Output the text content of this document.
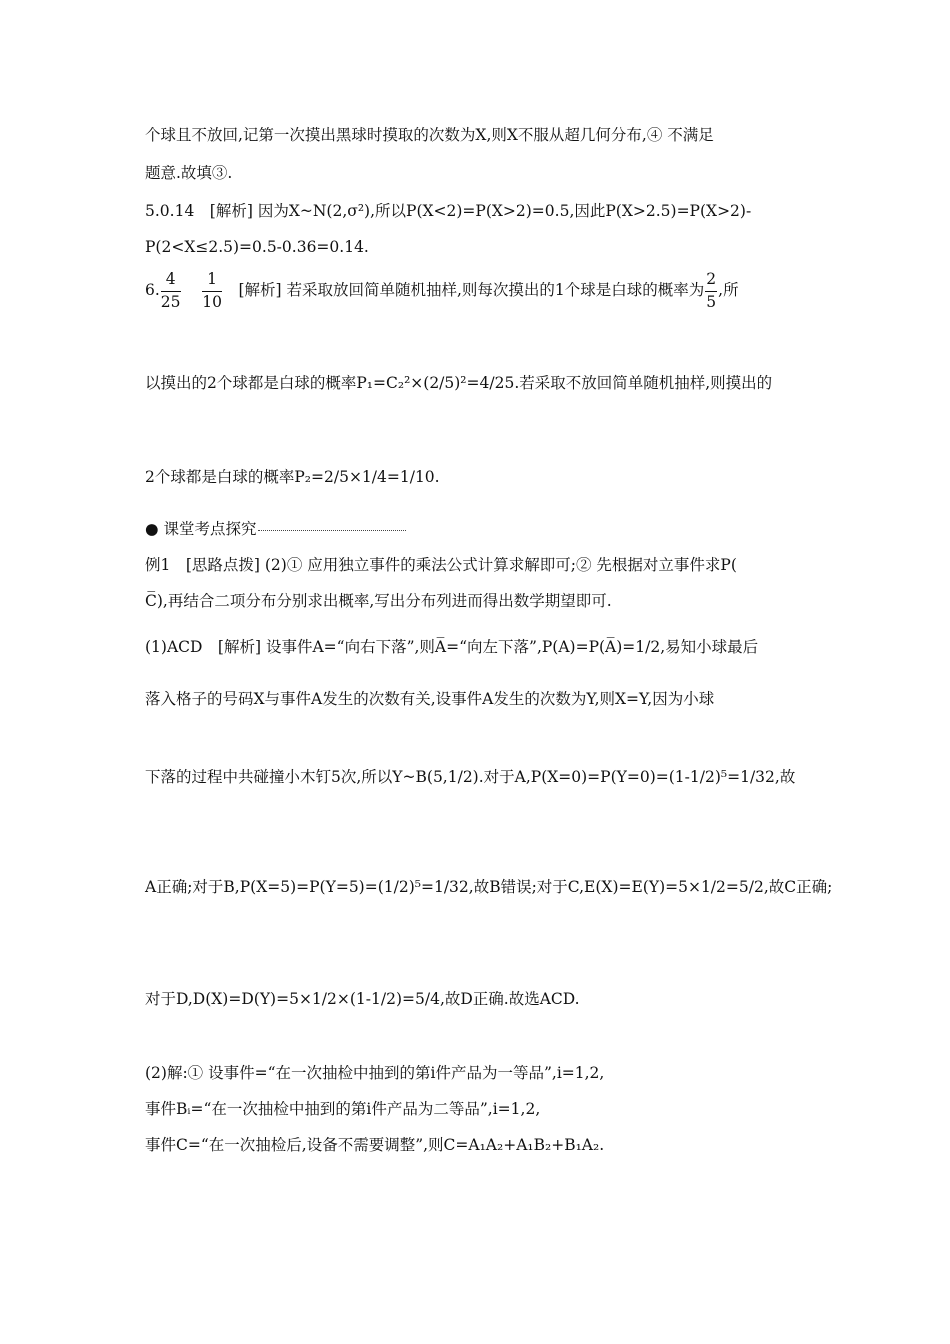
个球且不放回,记第一次摸出黑球时摸取的次数为X,则X不服从超几何分布,④ 不满足
题意.故填③.
5.0.14　[解析] 因为X~N(2,σ²),所以P(X<2)=P(X>2)=0.5,因此P(X>2.5)=P(X>2)-
P(2<X≤2.5)=0.5-0.36=0.14.
6. $\frac{4}{25}$
$\frac{1}{10}$ 　[解析] 若采取放回简单随机抽样,则每次摸出的1个球是白球的概率为 $\frac{2}{5}$ ,所
以摸出的2个球都是白球的概率P₁=C₂²×(2/5)²=4/25.若采取不放回简单随机抽样,则摸出的
2个球都是白球的概率P₂=2/5×1/4=1/10.
● 课堂考点探究
例1　[思路点拨] (2)① 应用独立事件的乘法公式计算求解即可;② 先根据对立事件求P(
C̅),再结合二项分布分别求出概率,写出分布列进而得出数学期望即可.
(1)ACD　[解析] 设事件A=“向右下落”,则A̅=“向左下落”,P(A)=P(A̅)=1/2,易知小球最后
落入格子的号码X与事件A发生的次数有关,设事件A发生的次数为Y,则X=Y,因为小球
下落的过程中共碰撞小木钉5次,所以Y~B(5,1/2).对于A,P(X=0)=P(Y=0)=(1-1/2)⁵=1/32,故
A正确;对于B,P(X=5)=P(Y=5)=(1/2)⁵=1/32,故B错误;对于C,E(X)=E(Y)=5×1/2=5/2,故C正确;
对于D,D(X)=D(Y)=5×1/2×(1-1/2)=5/4,故D正确.故选ACD.
(2)解:① 设事件=“在一次抽检中抽到的第i件产品为一等品”,i=1,2,
事件Bᵢ=“在一次抽检中抽到的第i件产品为二等品”,i=1,2,
事件C=“在一次抽检后,设备不需要调整”,则C=A₁A₂+A₁B₂+B₁A₂.
